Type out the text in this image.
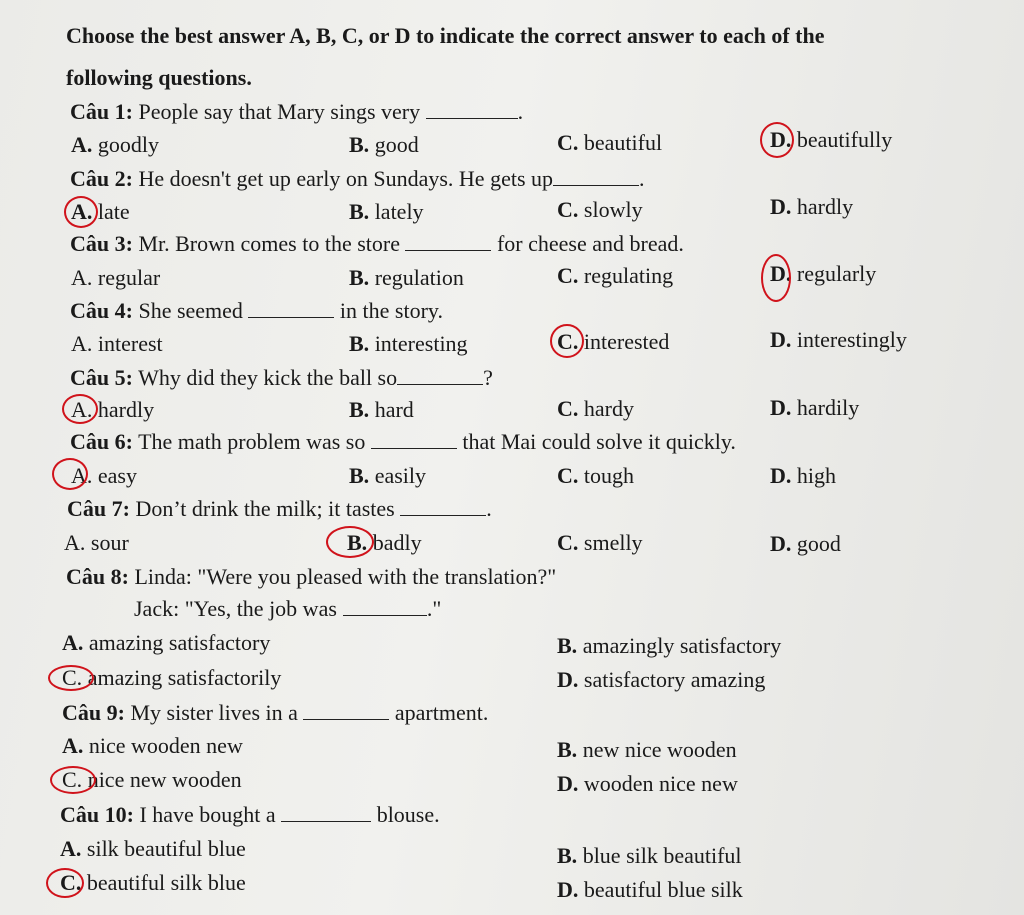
Choose the best answer A, B, C, or D to indicate the correct answer to each of the
following questions.
Câu 1: People say that Mary sings very	.
A. goodly	B. good	C. beautiful	D. beautifully
Câu 2: He doesn't get up early on Sundays. He gets up	.
A. late	B. lately	C. slowly	D. hardly
Câu 3: Mr. Brown comes to the store	for cheese and bread.
A. regular	B. regulation	C. regulating	D. regularly
Câu 4: She seemed	in the story.
A. interest	B. interesting	C. interested	D. interestingly
Câu 5: Why did they kick the ball so	?
A. hardly	B. hard	C. hardy	D. hardily
Câu 6: The math problem was so	that Mai could solve it quickly.
A. easy	B. easily	C. tough	D. high
Câu 7: Don’t drink the milk; it tastes	.
A. sour	B. badly	C. smelly	D. good
Câu 8: Linda: "Were you pleased with the translation?"
Jack: "Yes, the job was	."
A. amazing satisfactory	B. amazingly satisfactory
C. amazing satisfactorily	D. satisfactory amazing
Câu 9: My sister lives in a	apartment.
A. nice wooden new	B. new nice wooden
C. nice new wooden	D. wooden nice new
Câu 10: I have bought a	blouse.
A. silk beautiful blue	B. blue silk beautiful
C. beautiful silk blue	D. beautiful blue silk
